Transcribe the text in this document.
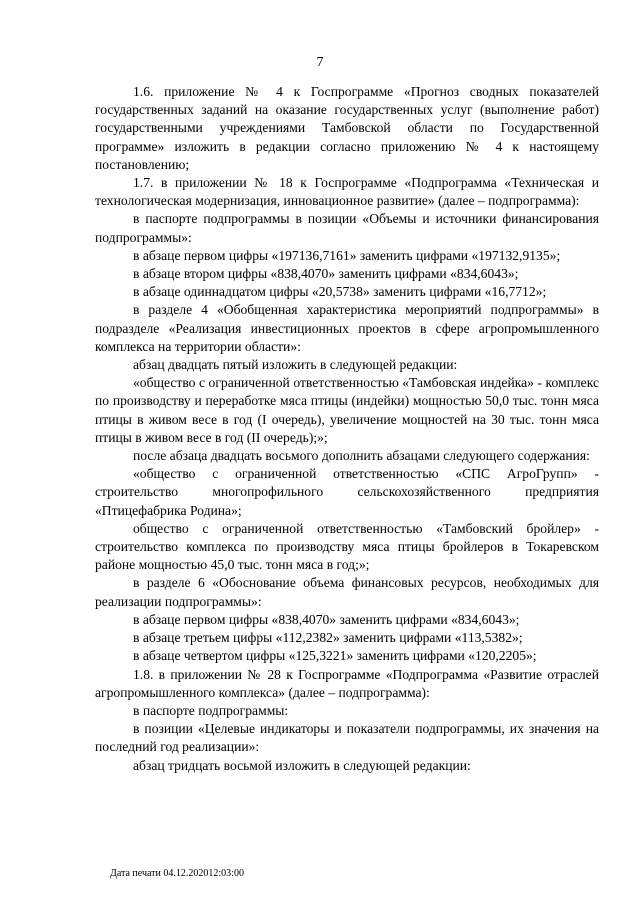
7

1.6. приложение № 4 к Госпрограмме «Прогноз сводных показателей государственных заданий на оказание государственных услуг (выполнение работ) государственными учреждениями Тамбовской области по Государственной программе» изложить в редакции согласно приложению № 4 к настоящему постановлению;

1.7. в приложении № 18 к Госпрограмме «Подпрограмма «Техническая и технологическая модернизация, инновационное развитие» (далее – подпрограмма):

в паспорте подпрограммы в позиции «Объемы и источники финансирования подпрограммы»:

в абзаце первом цифры «197136,7161» заменить цифрами «197132,9135»;

в абзаце втором цифры «838,4070» заменить цифрами «834,6043»;

в абзаце одиннадцатом цифры «20,5738» заменить цифрами «16,7712»;

в разделе 4 «Обобщенная характеристика мероприятий подпрограммы» в подразделе «Реализация инвестиционных проектов в сфере агропромышленного комплекса на территории области»:

абзац двадцать пятый изложить в следующей редакции:

«общество с ограниченной ответственностью «Тамбовская индейка» - комплекс по производству и переработке мяса птицы (индейки) мощностью 50,0 тыс. тонн мяса птицы в живом весе в год (I очередь), увеличение мощностей на 30 тыс. тонн мяса птицы в живом весе в год (II очередь);»;

после абзаца двадцать восьмого дополнить абзацами следующего содержания:

«общество с ограниченной ответственностью «СПС АгроГрупп» - строительство многопрофильного сельскохозяйственного предприятия «Птицефабрика Родина»;

общество с ограниченной ответственностью «Тамбовский бройлер» - строительство комплекса по производству мяса птицы бройлеров в Токаревском районе мощностью 45,0 тыс. тонн мяса в год;»;

в разделе 6 «Обоснование объема финансовых ресурсов, необходимых для реализации подпрограммы»:

в абзаце первом цифры «838,4070» заменить цифрами «834,6043»;

в абзаце третьем цифры «112,2382» заменить цифрами «113,5382»;

в абзаце четвертом цифры «125,3221» заменить цифрами «120,2205»;

1.8. в приложении № 28 к Госпрограмме «Подпрограмма «Развитие отраслей агропромышленного комплекса» (далее – подпрограмма):

в паспорте подпрограммы:

в позиции «Целевые индикаторы и показатели подпрограммы, их значения на последний год реализации»:

абзац тридцать восьмой изложить в следующей редакции:

Дата печати 04.12.202012:03:00
